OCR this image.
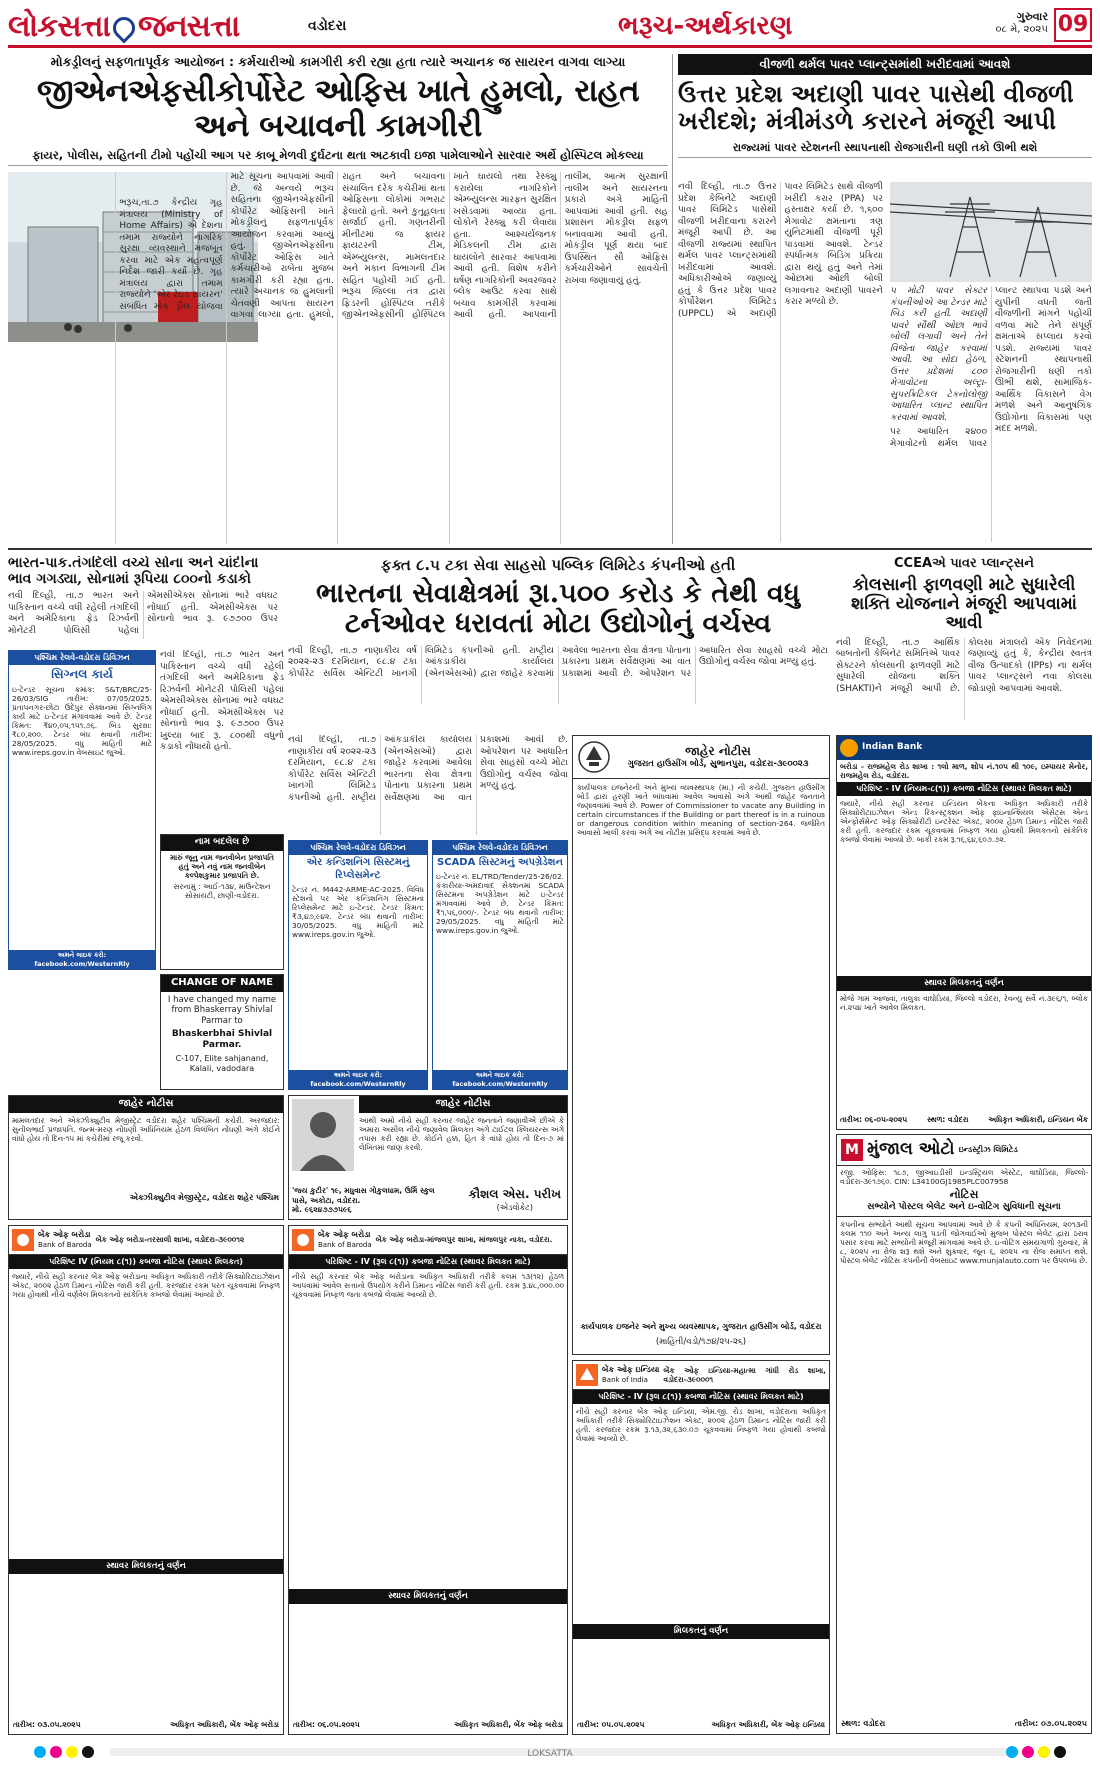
લોકસત્તા જનસત્તા	વડોદરા	ભરૂચ-અર્થકારણ	ગુરુવાર
૦૮ મે, ૨૦૨૫ 09
મોકડ્રીલનું સફળતાપૂર્વક આયોજન : કર્મચારીઓ કામગીરી કરી રહ્યા હતા ત્યારે અચાનક જ સાયરન વાગવા લાગ્યા
જીએનએફસીકોર્પોરેટ ઓફિસ ખાતે હુમલો, રાહત અને બચાવની કામગીરી
ફાયર, પોલીસ, સહિતની ટીમો પહોંચી આગ પર કાબૂ મેળવી દુર્ઘટના થતા અટકાવી ઇજા પામેલાઓને સારવાર અર્થે હોસ્પિટલ મોકલ્યા

ભરૂચ,તા.૭ કેન્દ્રીય ગૃહ મંત્રાલય (Ministry of Home Affairs) એ દેશના તમામ રાજ્યોને નાગરિક સુરક્ષા વ્યવસ્થાને મજબૂત કરવા માટે એક મહત્વપૂર્ણ નિર્દેશ જારી કર્યો છે. ગૃહ મંત્રાલય દ્વારા તમામ રાજ્યોને 'એર રેઇડ સાયરન' સંબંધિત મોક ડ્રીલ યોજવા માટે સૂચના આપવામાં આવી છે. જે અન્વયે ભરૂચ સહિતના જીએનએફસીની કોર્પોરેટ ઓફિસની ખાતે મોકડ્રીલનું સફળતાપૂર્વક આયોજન કરવામાં આવ્યું હતું. જીએનએફસીના કોર્પોરેટ ઓફિસ ખાતે કર્મચારીઓ રાબેતા મુજબ કામગીરી કરી રહ્યા હતા. ત્યારે અચાનક જ હુમલાની ચેતવણી આપતા સાયરન વાગવા લાગ્યા હતા. હુમલો, રાહત અને બચાવના સંચાલિત દરેક કચેરીમાં થતા ઓફિસના લોકોમાં ગભરાટ ફેલાયો હતો. અને કુતૂહલતા સર્જાઈ હતી. ગણતરીની મીનીટમાં જ ફાયર ફાયટરની ટીમ, એમ્બ્યુલન્સ, મામલતદાર અને મકાન વિભાગની ટીમ સહિત પહોંચી ગઈ હતી. ભરૂચ જિલ્લા તંત્ર દ્વારા ફિડરની હોસ્પિટલ તરીકે જીએનએફસીની હોસ્પિટલ ખાતે ઘાયલો તથા રેસ્ક્યુ કરાયેલા નાગરિકોને એમ્બ્યુલન્સ મારફત સુરક્ષિત ખસેડવામાં આવ્યા હતા. લોકોને રેસ્ક્યુ કરી લેવાયા હતા. આશ્ચર્યજનક મેડિકલની ટીમ દ્વારા ઘાયલોને સારવાર આપવામાં આવી હતી. વિશેષ કરીને ઘર્ષણ નાગરિકોની અવરજવર બ્લેક આઉટ કરવા સાથે બચાવ કામગીરી કરવામાં આવી હતી. આપવાની તાલીમ, આત્મ સુરક્ષાની તાલીમ અને સાયરનના પ્રકારો અંગે માહિતી આપવામાં આવી હતી. સહ પ્રશાસન મોકડ્રીલ સફળ બનાવવામાં આવી હતી. મોકડ્રીલ પૂર્ણ થયા બાદ ઉપસ્થિત સૌ ઓફિસ કર્મચારીઓને સાવચેતી રાખવા જણાવાયું હતું.

વીજળી થર્મલ પાવર પ્લાન્ટ્સમાંથી ખરીદવામાં આવશે
ઉત્તર પ્રદેશ અદાણી પાવર પાસેથી વીજળી ખરીદશે; મંત્રીમંડળે કરારને મંજૂરી આપી
રાજ્યમાં પાવર સ્ટેશનની સ્થાપનાથી રોજગારીની ઘણી તકો ઊભી થશે
નવી દિલ્હી, તા.૭ ઉત્તર પ્રદેશ કેબિનેટે અદાણી પાવર લિમિટેડ પાસેથી વીજળી ખરીદવાના કરારને મંજૂરી આપી છે. આ વીજળી રાજ્યમાં સ્થાપિત થર્મલ પાવર પ્લાન્ટ્સમાંથી ખરીદવામાં આવશે. અધિકારીઓએ જણાવ્યું હતું કે ઉત્તર પ્રદેશ પાવર કોર્પોરેશન લિમિટેડ (UPPCL) એ અદાણી પાવર લિમિટેડ સાથે વીજળી ખરીદી કરાર (PPA) પર હસ્તાક્ષર કર્યા છે. ૧,૬૦૦ મેગાવોટ ક્ષમતાના ત્રણ યુનિટમાંથી વીજળી પૂરી પાડવામાં આવશે. ટેન્ડર સ્પર્ધાત્મક બિડિંગ પ્રક્રિયા દ્વારા થયું હતું અને તેમાં ઓછામાં ઓછી બોલી લગાવનાર અદાણી પાવરને કરાર મળ્યો છે.

૫ મોટી પાવર સેક્ટર કંપનીઓએ આ ટેન્ડર માટે બિડ કરી હતી. અદાણી પાવરે સૌથી ઓછા ભાવે બોલી લગાવી અને તેને વિજેતા જાહેર કરવામાં આવી. આ સોદા હેઠળ, ઉત્તર પ્રદેશમાં ૮૦૦ મેગાવોટના અલ્ટ્રા-સુપરક્રિટિકલ ટેકનોલોજી આધારિત પ્લાન્ટ સ્થાપિત કરવામાં આવશે.

પર આધારિત ૨૪૦૦ મેગાવોટનો થર્મલ પાવર પ્લાન્ટ સ્થાપવા પડશે અને યુપીની વધતી જતી વીજળીની માંગને પહોંચી વળવા માટે તેને સંપૂર્ણ ક્ષમતાએ સપ્લાય કરવો પડશે. રાજ્યમાં પાવર સ્ટેશનની સ્થાપનાથી રોજગારીની ઘણી તકો ઊભી થશે, સામાજિક-આર્થિક વિકાસને વેગ મળશે અને આનુષંગિક ઉદ્યોગોના વિકાસમાં પણ મદદ મળશે.

ભારત-પાક.તંગદિલી વચ્ચે સોના અને ચાંદીના ભાવ ગગડ્યા, સોનામાં રૂપિયા ૮૦૦નો કડાકો
નવી દિલ્હી, તા.૭ ભારત અને પાકિસ્તાન વચ્ચે વધી રહેલી તંગદિલી અને અમેરિકાના ફેડ રિઝર્વની મોનેટરી પોલિસી પહેલાં એમસીએક્સ સોનામાં ભારે વધઘટ નોંધાઈ હતી. એમસીએક્સ પર સોનાનો ભાવ રૂ. ૯૭૭૦૦ ઉપર
ફક્ત ૮.૫ ટકા સેવા સાહસો પબ્લિક લિમિટેડ કંપનીઓ હતી
ભારતના સેવાક્ષેત્રમાં રૂા.૫૦૦ કરોડ કે તેથી વધુ ટર્નઓવર ધરાવતાં મોટા ઉદ્યોગોનું વર્ચસ્વ
નવી દિલ્હી, તા.૭ નાણાકીય વર્ષ ૨૦૨૨-૨૩ દરમિયાન, ૯૮.૪ ટકા કોર્પોરેટ સર્વિસ એન્ટિટી ખાનગી લિમિટેડ કંપનીઓ હતી. રાષ્ટ્રીય આંકડાકીય કાર્યાલય (એનએસઓ) દ્વારા જાહેર કરવામાં આવેલા ભારતના સેવા ક્ષેત્રના પોતાના પ્રકારના પ્રથમ સર્વેક્ષણમાં આ વાત પ્રકાશમાં આવી છે. ઓપરેશન પર આધારિત સેવા સાહસો વચ્ચે મોટા ઉદ્યોગોનું વર્ચસ્વ જોવા મળ્યું હતું.
CCEAએ પાવર પ્લાન્ટ્સને
કોલસાની ફાળવણી માટે સુધારેલી શક્તિ યોજનાને મંજૂરી આપવામાં આવી
નવી દિલ્હી, તા.૭ આર્થિક બાબતોની કેબિનેટ સમિતિએ પાવર સેક્ટરને કોલસાની ફાળવણી માટે સુધારેલી યોજના શક્તિ (SHAKTI)ને મંજૂરી આપી છે. કોલસા મંત્રાલયે એક નિવેદનમાં જણાવ્યું હતું કે, કેન્દ્રીય સ્વતંત્ર વીજ ઉત્પાદકો (IPPs) ના થર્મલ પાવર પ્લાન્ટ્સને નવા કોલસા જોડાણો આપવામાં આવશે.
પશ્ચિમ રેલવે-વડોદરા ડિવિઝન
સિગ્નલ કાર્ય
ઇ-ટેન્ડર સૂચના ક્રમાંક: S&T/BRC/25-26/03/SIG તારીખ: 07/05/2025. પ્રતાપનગર-છોટા ઉદેપુર સેક્શનમાં સિગ્નલિંગ કાર્ય માટે ઇ-ટેન્ડર મંગાવવામાં આવે છે. ટેન્ડર કિંમત: ₹૪૦,૦૫,૧૫૧.૭૬. બિડ સુરક્ષા: ₹૮૦,૨૦૦. ટેન્ડર બંધ થવાની તારીખ: 28/05/2025. વધુ માહિતી માટે www.ireps.gov.in વેબસાઇટ જુઓ.
અમને લાઇક કરો: facebook.com/WesternRly
નવી દિલ્હી, તા.૭ ભારત અને પાકિસ્તાન વચ્ચે વધી રહેલી તંગદિલી અને અમેરિકાના ફેડ રિઝર્વની મોનેટરી પોલિસી પહેલાં એમસીએક્સ સોનામાં ભારે વધઘટ નોંધાઈ હતી. એમસીએક્સ પર સોનાનો ભાવ રૂ. ૯૭૭૦૦ ઉપર ખુલ્યા બાદ રૂ. ૮૦૦થી વધુનો કડાકો નોંધાયો હતો.
નામ બદલેલ છે
મારું જૂનુ નામ જનવીબેન પ્રજાપતિ હતું અને નવું નામ જનવીબેન કલ્પેશકુમાર પ્રજાપતિ છે.
સરનામું : આઈ-૧૩૪, માઉન્ટેશન સોસાયટી, છાણી-વડોદરા.
CHANGE OF NAME
I have changed my name from Bhaskerray Shivlal Parmar to
Bhaskerbhai Shivlal Parmar.
C-107, Elite sahjanand, Kalali, vadodara
નવી દિલ્હી, તા.૭ નાણાકીય વર્ષ ૨૦૨૨-૨૩ દરમિયાન, ૯૮.૪ ટકા કોર્પોરેટ સર્વિસ એન્ટિટી ખાનગી લિમિટેડ કંપનીઓ હતી. રાષ્ટ્રીય આંકડાકીય કાર્યાલય (એનએસઓ) દ્વારા જાહેર કરવામાં આવેલા ભારતના સેવા ક્ષેત્રના પોતાના પ્રકારના પ્રથમ સર્વેક્ષણમાં આ વાત પ્રકાશમાં આવી છે. ઓપરેશન પર આધારિત સેવા સાહસો વચ્ચે મોટા ઉદ્યોગોનું વર્ચસ્વ જોવા મળ્યું હતું.
પશ્ચિમ રેલવે-વડોદરા ડિવિઝન
એર કન્ડિશનિંગ સિસ્ટમનું રિપ્લેસમેન્ટ
ટેન્ડર નં. M442-ARME-AC-2025. વિવિધ સ્ટેશનો પર એર કન્ડિશનિંગ સિસ્ટમના રિપ્લેસમેન્ટ માટે ઇ-ટેન્ડર. ટેન્ડર કિંમત: ₹૩,૪૭,૯૪૨. ટેન્ડર બંધ થવાની તારીખ: 30/05/2025. વધુ માહિતી માટે www.ireps.gov.in જુઓ.
અમને લાઇક કરો: facebook.com/WesternRly
પશ્ચિમ રેલવે-વડોદરા ડિવિઝન
SCADA સિસ્ટમનું અપગ્રેડેશન
ઇ-ટેન્ડર નં. EL/TRD/Tender/25-26/02. કંકારીયા-અમદાવાદ સેક્શનમાં SCADA સિસ્ટમના અપગ્રેડેશન માટે ઇ-ટેન્ડર મંગાવવામાં આવે છે. ટેન્ડર કિંમત: ₹૧,૫૬,૦૦૦/-. ટેન્ડર બંધ થવાની તારીખ: 29/05/2025. વધુ માહિતી માટે www.ireps.gov.in જુઓ.
અમને લાઇક કરો: facebook.com/WesternRly
જાહેર નોટીસ
ગુજરાત હાઉસીંગ બોર્ડ, સુભાનપુરા, વડોદરા-૩૯૦૦૨૩
કાર્યપાલક ઇજનેરની અને મુખ્ય વ્યવસ્થાપક (મા.) ની કચેરી. ગુજરાત હાઉસીંગ બોર્ડ દ્વારા હરણી ખાતે બાંધવામાં આવેલ આવાસો અંગે આથી જાહેર જનતાને જણાવવામાં આવે છે. Power of Commissioner to vacate any Building in certain circumstances if the Building or part thereof is in a ruinous or dangerous condition within meaning of section-264. જર્જરિત આવાસો ખાલી કરવા અંગે આ નોટીસ પ્રસિદ્ધ કરવામાં આવે છે.
કાર્યપાલક ઇજનેર અને મુખ્ય વ્યવસ્થાપક, ગુજરાત હાઉસીંગ બોર્ડ, વડોદરા
(માહિતી/વડો/૧૭૪/૨૫-૨૬)
Indian Bank
બરોડા - રાજમહેલ રોડ શાખા : ૧લો માળ, શોપ નં.૧૦૫ થી ૧૦૯, ઇમ્પાયર મેનોર, રાજમહેલ રોડ, વડોદરા.
પરિશિષ્ટ - IV (નિયમ-૮(૧)) કબજા નોટિસ (સ્થાવર મિલકત માટે)
જ્યારે, નીચે સહી કરનાર ઇન્ડિયન બેંકના અધિકૃત અધિકારી તરીકે સિક્યોરીટાઇઝેશન એન્ડ રિકન્સ્ટ્રક્શન ઓફ ફાઇનાન્શિયલ એસેટ્સ એન્ડ એન્ફોર્સમેન્ટ ઓફ સિક્યોરીટી ઇન્ટરેસ્ટ એક્ટ, ૨૦૦૨ હેઠળ ડિમાન્ડ નોટિસ જારી કરી હતી. કરજદાર રકમ ચૂકવવામાં નિષ્ફળ ગયા હોવાથી મિલકતનો સાંકેતિક કબજો લેવામાં આવ્યો છે. બાકી રકમ રૂ.૧૬,૬૪,૬૦૭.૭૨.
સ્થાવર મિલકતનું વર્ણન
મોજે ગામ આજવા, તાલુકા વાઘોડિયા, જિલ્લો વડોદરા, રેવન્યુ સર્વે નં.૩૯૬/૧, બ્લોક નં.૨૫૪ ખાતે આવેલ મિલકત.
તારીખ: ૦૬-૦૫-૨૦૨૫	સ્થળ: વડોદરા	અધિકૃત અધિકારી, ઇન્ડિયન બેંક
જાહેર નોટીસ
મામલતદાર અને એક્ઝીક્યુટીવ મેજીસ્ટ્રેટ વડોદરા શહેર પશ્ચિમની કચેરી. અરજદાર: સુનીલભાઈ પ્રજાપતિ. જન્મ-મરણ નોંધણી અધિનિયમ હેઠળ વિલંબિત નોંધણી અંગે કોઈને વાંધો હોય તો દિન-૧૫ માં કચેરીમાં રજૂ કરવો.
એક્ઝીક્યુટીવ મેજીસ્ટ્રેટ, વડોદરા શહેર પશ્ચિમ
જાહેર નોટીસ
આથી અમો નીચે સહી કરનાર જાહેર જનતાને જણાવીએ છીએ કે અમારા અસીલ નીચે જણાવેલ મિલકત અંગે ટાઈટલ ક્લિયરન્સ અંગે તપાસ કરી રહ્યા છે. કોઈને હક્ક, હિત કે વાંધો હોય તો દિન-૭ માં લેખિતમાં જાણ કરવી.
'જય કુટીર' ૧૯, મધુવાસ ગોકુલધામ, ઉર્મિ સ્કુલ પાસે, અકોટા, વડોદરા.
મો. ૯૬૨૪૭૭૭૫૯૬
કૌશલ એસ. પરીખ
(એડવોકેટ)
M મુંજાલ ઓટો ઇન્ડસ્ટ્રીઝ લિમિટેડ
રજી. ઓફિસ: ૧૮૭, જીઆઇડીસી ઇન્ડસ્ટ્રિયલ એસ્ટેટ, વાઘોડિયા, જિલ્લો-વડોદરા-૩૯૧૭૬૦. CIN: L34100GJ1985PLC007958
નોટિસ
સભ્યોને પોસ્ટલ બેલેટ અને ઇ-વોટિંગ સુવિધાની સૂચના
કંપનીના સભ્યોને આથી સૂચના આપવામાં આવે છે કે કંપની અધિનિયમ, ૨૦૧૩ની કલમ ૧૧૦ અને અન્ય લાગુ પડતી જોગવાઈઓ મુજબ પોસ્ટલ બેલેટ દ્વારા ઠરાવ પસાર કરવા માટે સભ્યોની મંજૂરી માંગવામાં આવે છે. ઇ-વોટિંગ સમયગાળો ગુરુવાર, મે ૮, ૨૦૨૫ ના રોજ શરૂ થશે અને શુક્રવાર, જૂન ૬, ૨૦૨૫ ના રોજ સમાપ્ત થશે. પોસ્ટલ બેલેટ નોટિસ કંપનીની વેબસાઇટ www.munjalauto.com પર ઉપલબ્ધ છે.
સ્થળ: વડોદરા	તારીખ: ૦૭.૦૫.૨૦૨૫
બેંક ઓફ બરોડા
Bank of Baroda
બેંક ઓફ બરોડા-તરસાલી શાખા, વડોદરા-૩૯૦૦૧૨
પરિશિષ્ટ IV (નિયમ ૮(૧)) કબજા નોટિસ (સ્થાવર મિલકત)
જ્યારે, નીચે સહી કરનાર બેંક ઓફ બરોડાના અધિકૃત અધિકારી તરીકે સિક્યોરિટાઇઝેશન એક્ટ, ૨૦૦૨ હેઠળ ડિમાન્ડ નોટિસ જારી કરી હતી. કરજદાર રકમ પરત ચૂકવવામાં નિષ્ફળ ગયા હોવાથી નીચે વર્ણવેલ મિલકતનો સાંકેતિક કબજો લેવામાં આવ્યો છે.
સ્થાવર મિલકતનું વર્ણન
તારીખ: ૦૩.૦૫.૨૦૨૫	અધિકૃત અધિકારી, બેંક ઓફ બરોડા
બેંક ઓફ બરોડા
Bank of Baroda
બેંક ઓફ બરોડા-માંજલપુર શાખા, માંજલપુર નાકા, વડોદરા.
પરિશિષ્ટ - IV (રૂલ ૮(૧)) કબજા નોટિસ (સ્થાવર મિલકત માટે)
નીચે સહી કરનાર બેંક ઓફ બરોડાના અધિકૃત અધિકારી તરીકે કલમ ૧૩(૧૨) હેઠળ આપવામાં આવેલ સત્તાનો ઉપયોગ કરીને ડિમાન્ડ નોટિસ જારી કરી હતી. રકમ રૂ.૪૮,૦૦૦.૦૦ ચૂકવવામાં નિષ્ફળ જતા કબજો લેવામાં આવ્યો છે.
સ્થાવર મિલકતનું વર્ણન
તારીખ: ૦૬.૦૫.૨૦૨૫	અધિકૃત અધિકારી, બેંક ઓફ બરોડા
બેંક ઓફ ઇન્ડિયા
Bank of India
બેંક ઓફ ઇન્ડિયા-મહાત્મા ગાંધી રોડ શાખા, વડોદરા-૩૯૦૦૦૧
પરિશિષ્ટ - IV (રૂલ ૮(૧)) કબજા નોટિસ (સ્થાવર મિલકત માટે)
નીચે સહી કરનાર બેંક ઓફ ઇન્ડિયા, એમ.જી. રોડ શાખા, વડોદરાના અધિકૃત અધિકારી તરીકે સિક્યોરિટાઇઝેશન એક્ટ, ૨૦૦૨ હેઠળ ડિમાન્ડ નોટિસ જારી કરી હતી. કરજદાર રકમ રૂ.૧૩,૩૨,૬૩૦.૦૭ ચૂકવવામાં નિષ્ફળ ગયા હોવાથી કબજો લેવામાં આવ્યો છે.
મિલકતનું વર્ણન
તારીખ: ૦૫.૦૫.૨૦૨૫	અધિકૃત અધિકારી, બેંક ઓફ ઇન્ડિયા
LOKSATTA
